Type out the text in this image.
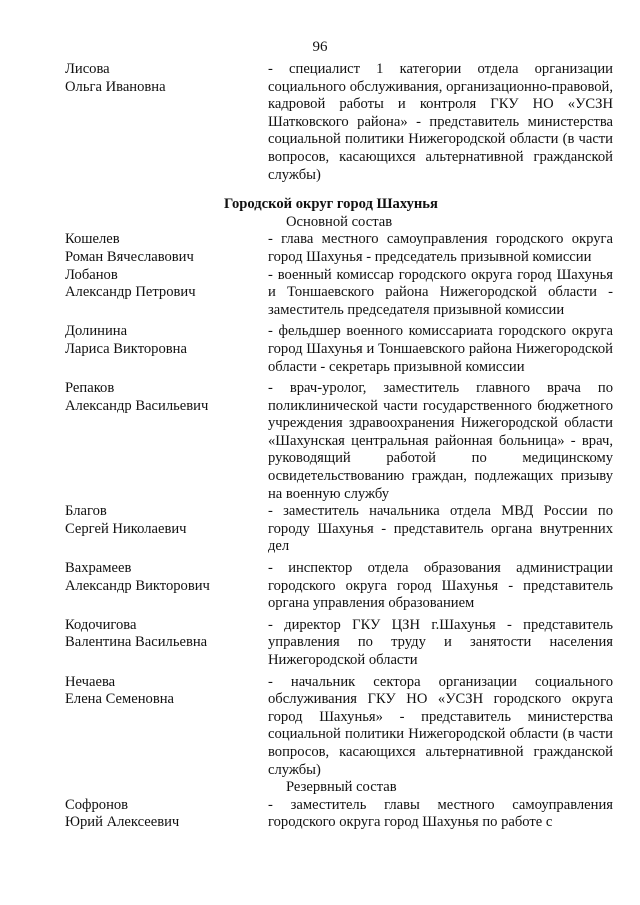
96
Лисова
Ольга Ивановна
- специалист 1 категории отдела организации социального обслуживания, организационно-правовой, кадровой работы и контроля ГКУ НО «УСЗН Шатковского района» - представитель министерства социальной политики Нижегородской области (в части вопросов, касающихся альтернативной гражданской службы)
Городской округ город Шахунья
Основной состав
Кошелев
Роман Вячеславович
- глава местного самоуправления городского округа город Шахунья - председатель призывной комиссии
Лобанов
Александр Петрович
- военный комиссар городского округа город Шахунья и Тоншаевского района Нижегородской области - заместитель председателя призывной комиссии
Долинина
Лариса Викторовна
- фельдшер военного комиссариата городского округа город Шахунья и Тоншаевского района Нижегородской области - секретарь призывной комиссии
Репаков
Александр Васильевич
- врач-уролог, заместитель главного врача по поликлинической части государственного бюджетного учреждения здравоохранения Нижегородской области «Шахунская центральная районная больница» - врач, руководящий работой по медицинскому освидетельствованию граждан, подлежащих призыву на военную службу
Благов
Сергей Николаевич
- заместитель начальника отдела МВД России по городу Шахунья - представитель органа внутренних дел
Вахрамеев
Александр Викторович
- инспектор отдела образования администрации городского округа город Шахунья - представитель органа управления образованием
Кодочигова
Валентина Васильевна
- директор ГКУ ЦЗН г.Шахунья - представитель управления по труду и занятости населения Нижегородской области
Нечаева
Елена Семеновна
- начальник сектора организации социального обслуживания ГКУ НО «УСЗН городского округа город Шахунья» - представитель министерства социальной политики Нижегородской области (в части вопросов, касающихся альтернативной гражданской службы)
Резервный состав
Софронов
Юрий Алексеевич
- заместитель главы местного самоуправления городского округа город Шахунья по работе с
